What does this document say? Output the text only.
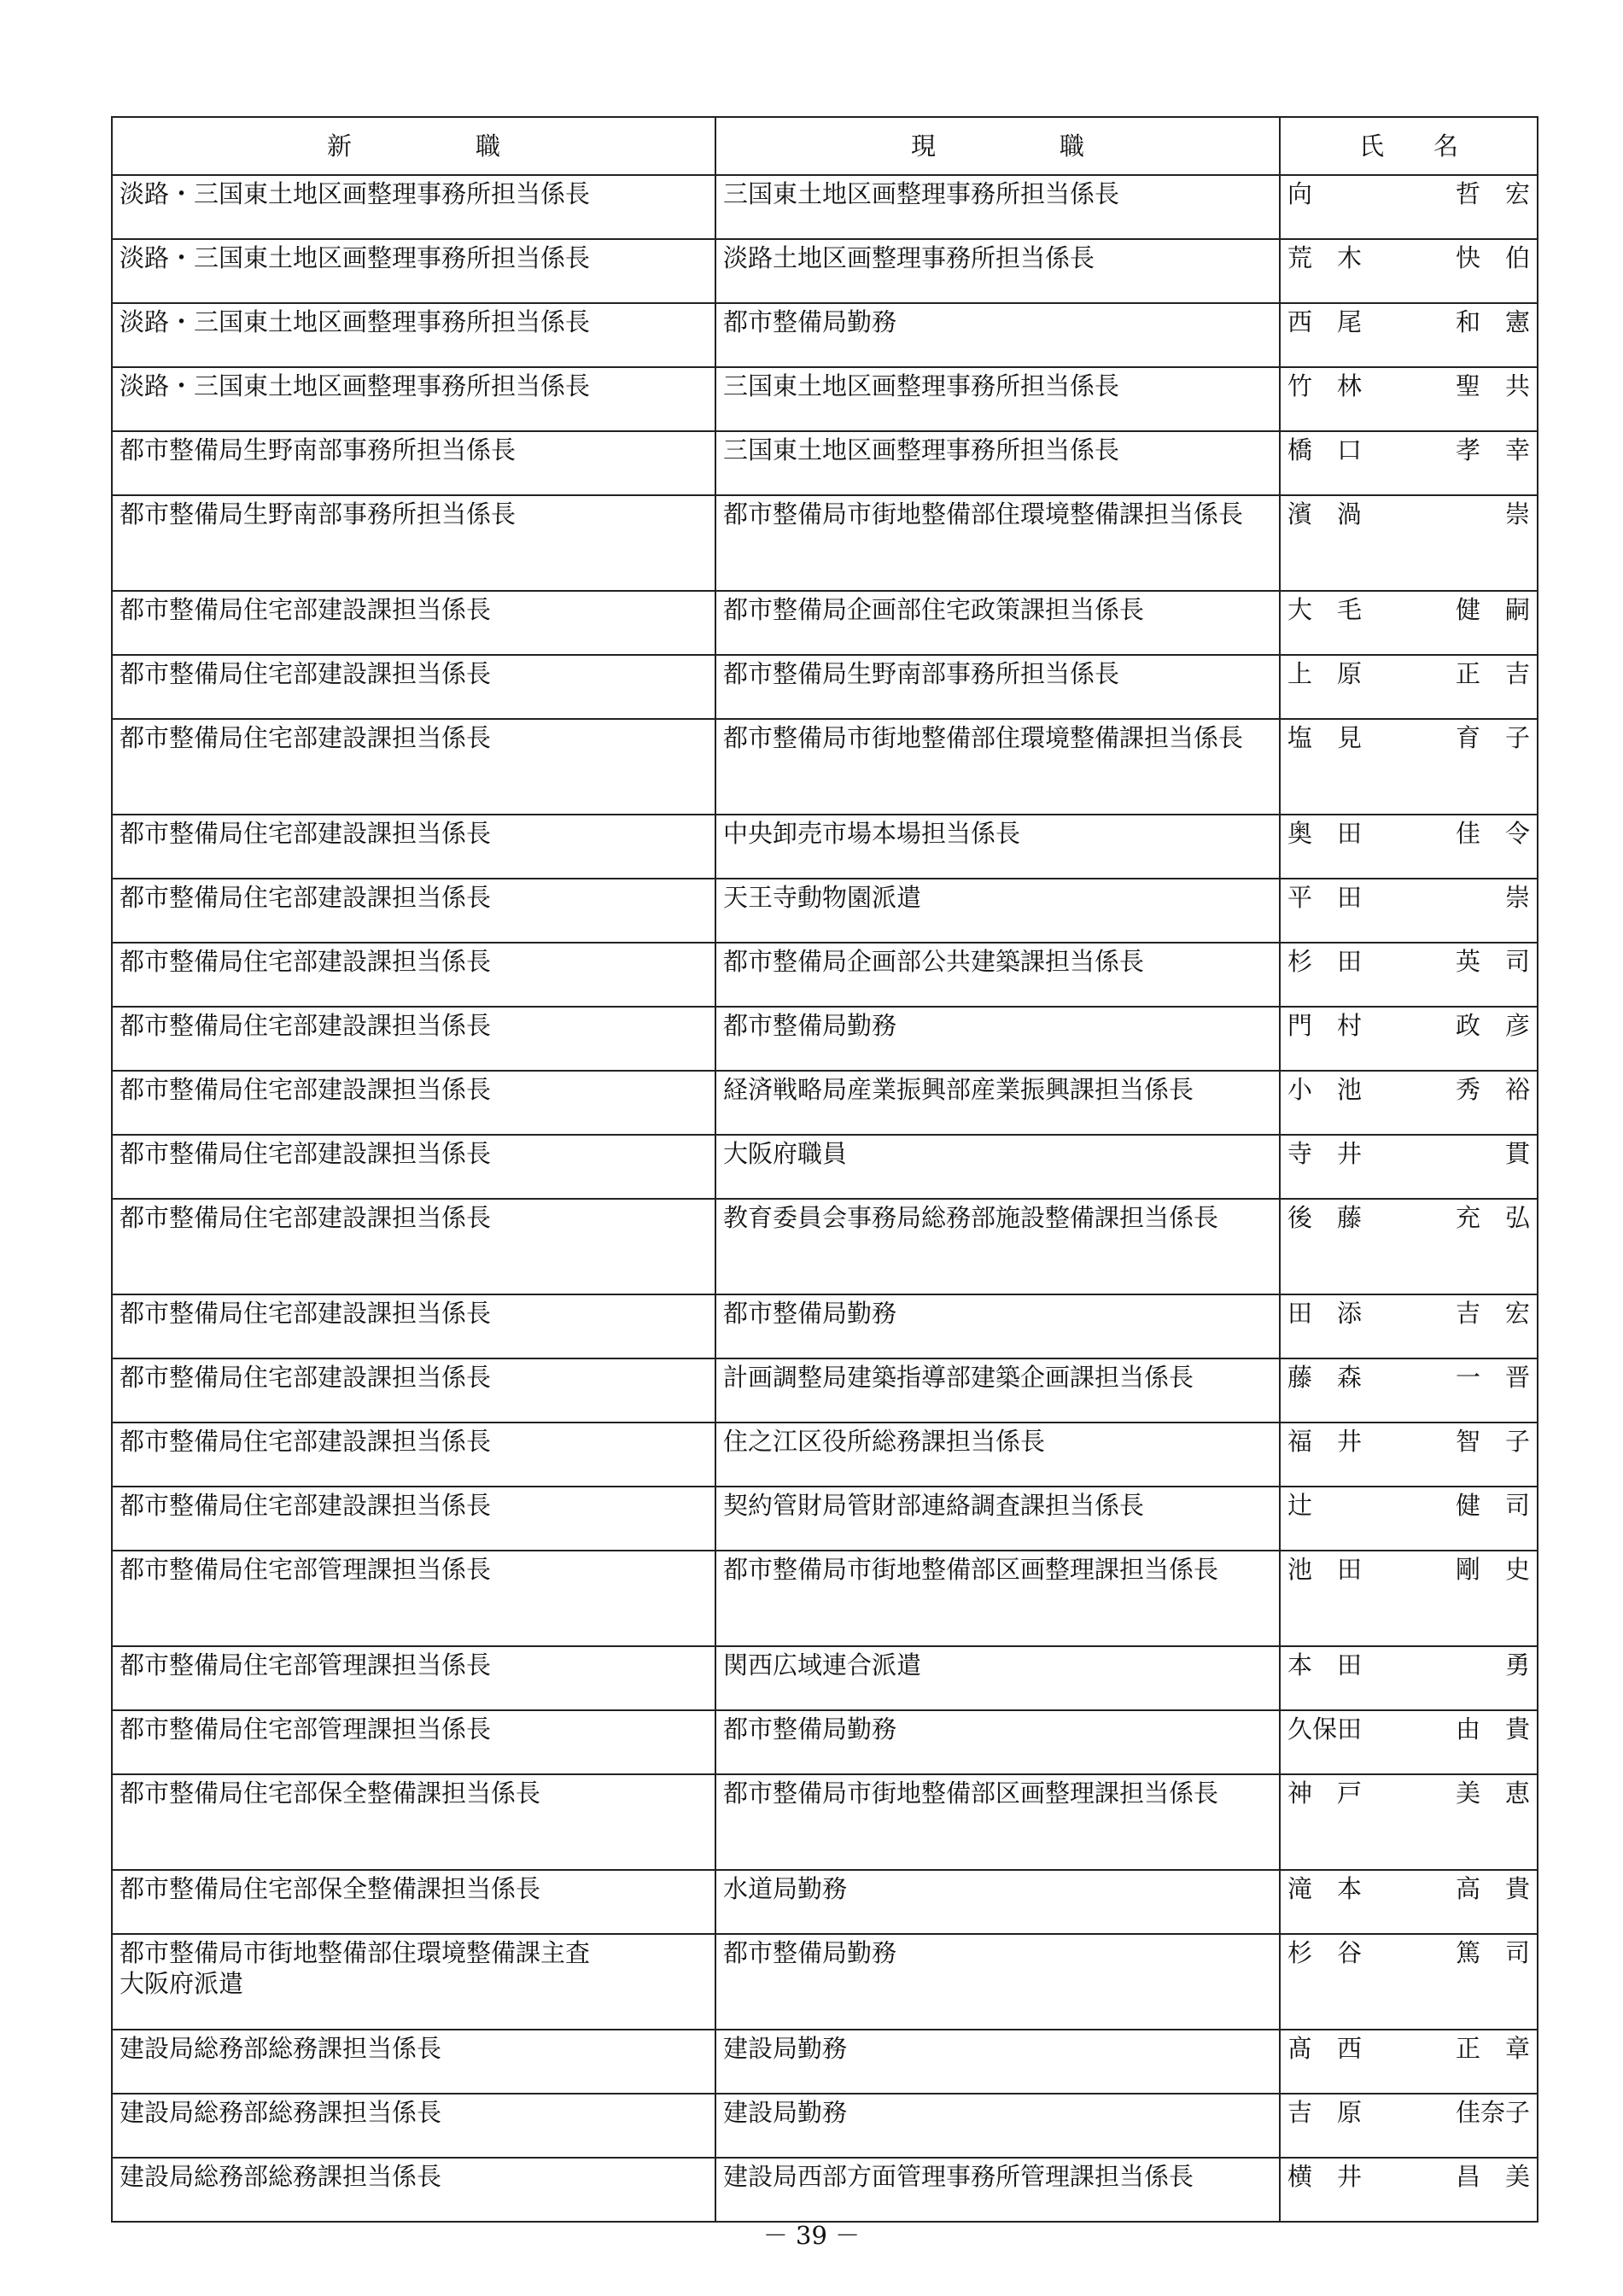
新　　　　　職	現　　　　　職	氏　　名
淡路・三国東土地区画整理事務所担当係長	三国東土地区画整理事務所担当係長	向 哲　宏

淡路・三国東土地区画整理事務所担当係長	淡路土地区画整理事務所担当係長	荒　木 快　伯

淡路・三国東土地区画整理事務所担当係長	都市整備局勤務	西　尾 和　憲

淡路・三国東土地区画整理事務所担当係長	三国東土地区画整理事務所担当係長	竹　林 聖　共

都市整備局生野南部事務所担当係長	三国東土地区画整理事務所担当係長	橋　口 孝　幸

都市整備局生野南部事務所担当係長	都市整備局市街地整備部住環境整備課担当係長	濱　渦 崇

都市整備局住宅部建設課担当係長	都市整備局企画部住宅政策課担当係長	大　毛 健　嗣

都市整備局住宅部建設課担当係長	都市整備局生野南部事務所担当係長	上　原 正　吉

都市整備局住宅部建設課担当係長	都市整備局市街地整備部住環境整備課担当係長	塩　見 育　子

都市整備局住宅部建設課担当係長	中央卸売市場本場担当係長	奥　田 佳　令

都市整備局住宅部建設課担当係長	天王寺動物園派遣	平　田 崇

都市整備局住宅部建設課担当係長	都市整備局企画部公共建築課担当係長	杉　田 英　司

都市整備局住宅部建設課担当係長	都市整備局勤務	門　村 政　彦

都市整備局住宅部建設課担当係長	経済戦略局産業振興部産業振興課担当係長	小　池 秀　裕

都市整備局住宅部建設課担当係長	大阪府職員	寺　井 貫

都市整備局住宅部建設課担当係長	教育委員会事務局総務部施設整備課担当係長	後　藤 充　弘

都市整備局住宅部建設課担当係長	都市整備局勤務	田　添 吉　宏

都市整備局住宅部建設課担当係長	計画調整局建築指導部建築企画課担当係長	藤　森 一　晋

都市整備局住宅部建設課担当係長	住之江区役所総務課担当係長	福　井 智　子

都市整備局住宅部建設課担当係長	契約管財局管財部連絡調査課担当係長	辻 健　司

都市整備局住宅部管理課担当係長	都市整備局市街地整備部区画整理課担当係長	池　田 剛　史

都市整備局住宅部管理課担当係長	関西広域連合派遣	本　田 勇

都市整備局住宅部管理課担当係長	都市整備局勤務	久保田 由　貴

都市整備局住宅部保全整備課担当係長	都市整備局市街地整備部区画整理課担当係長	神　戸 美　恵

都市整備局住宅部保全整備課担当係長	水道局勤務	滝　本 高　貴

都市整備局市街地整備部住環境整備課主査
大阪府派遣	都市整備局勤務	杉　谷 篤　司

建設局総務部総務課担当係長	建設局勤務	髙　西 正　章

建設局総務部総務課担当係長	建設局勤務	吉　原 佳奈子

建設局総務部総務課担当係長	建設局西部方面管理事務所管理課担当係長	横　井 昌　美
－ 39 －
